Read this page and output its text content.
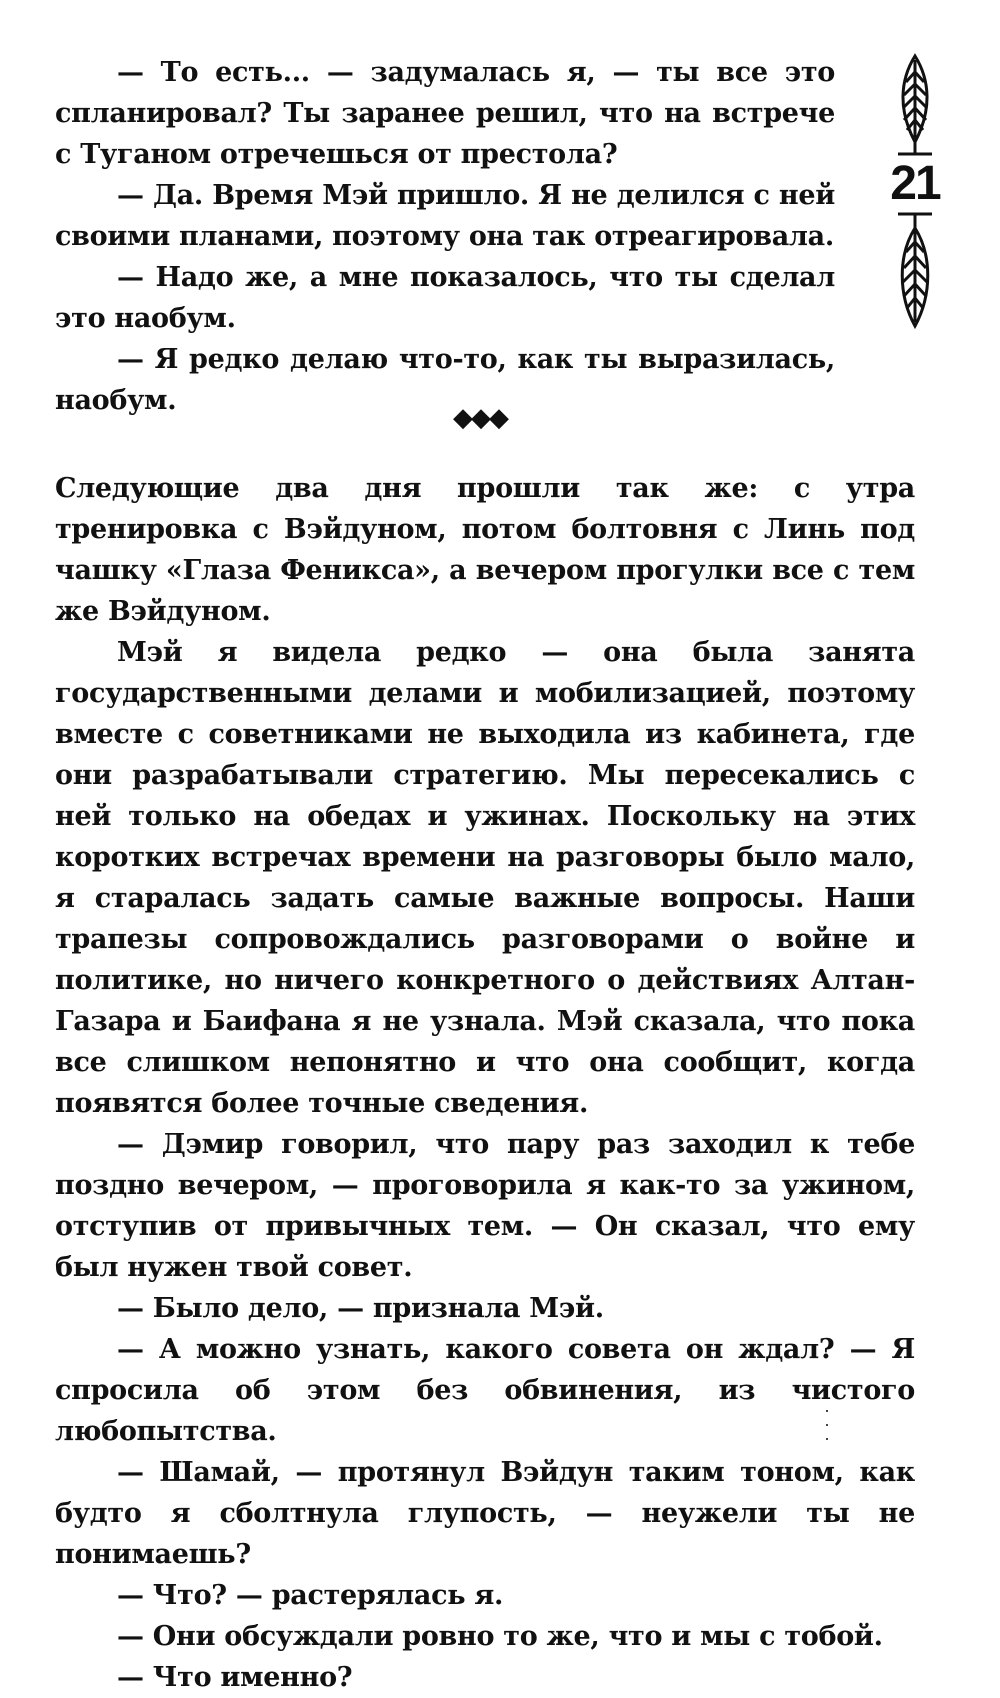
— То есть... — задумалась я, — ты все это спланировал? Ты заранее решил, что на встрече с Туганом отречешься от престола?

— Да. Время Мэй пришло. Я не делился с ней своими планами, поэтому она так отреагировала.

— Надо же, а мне показалось, что ты сделал это наобум.

— Я редко делаю что-то, как ты выразилась, наобум.

21
◆◆◆

Следующие два дня прошли так же: с утра тренировка с Вэйдуном, потом болтовня с Линь под чашку «Глаза Феникса», а вечером прогулки все с тем же Вэйдуном.

Мэй я видела редко — она была занята государственными делами и мобилизацией, поэтому вместе с советниками не выходила из кабинета, где они разрабатывали стратегию. Мы пересекались с ней только на обедах и ужинах. Поскольку на этих коротких встречах времени на разговоры было мало, я старалась задать самые важные вопросы. Наши трапезы сопровождались разговорами о войне и политике, но ничего конкретного о действиях Алтан-Газара и Баифана я не узнала. Мэй сказала, что пока все слишком непонятно и что она сообщит, когда появятся более точные сведения.

— Дэмир говорил, что пару раз заходил к тебе поздно вечером, — проговорила я как-то за ужином, отступив от привычных тем. — Он сказал, что ему был нужен твой совет.

— Было дело, — признала Мэй.

— А можно узнать, какого совета он ждал? — Я спросила об этом без обвинения, из чистого любопытства.

— Шамай, — протянул Вэйдун таким тоном, как будто я сболтнула глупость, — неужели ты не понимаешь?

— Что? — растерялась я.

— Они обсуждали ровно то же, что и мы с тобой.

— Что именно?
